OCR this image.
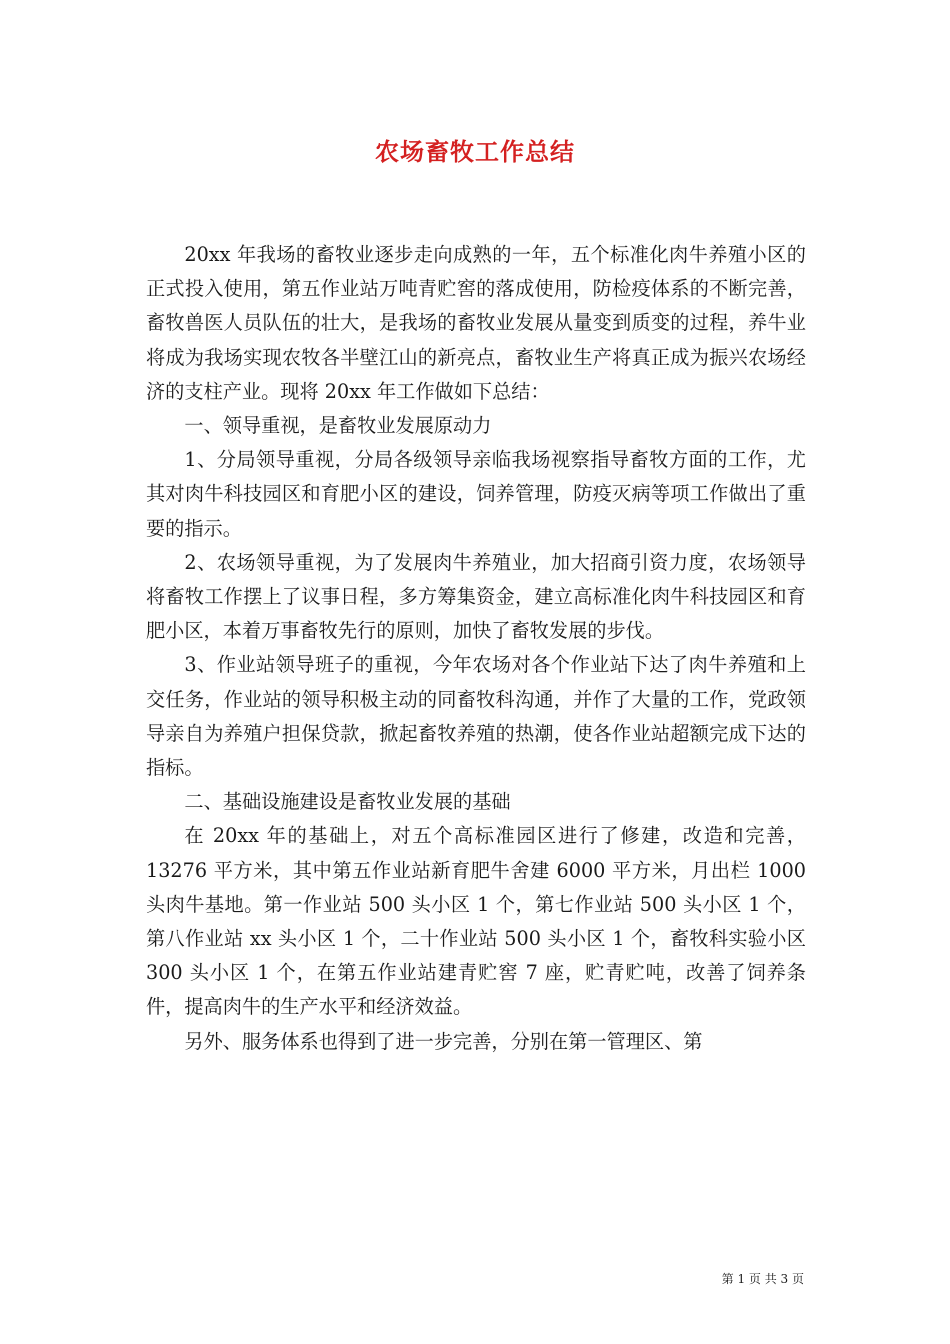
农场畜牧工作总结

20xx 年我场的畜牧业逐步走向成熟的一年，五个标准化肉牛养殖小区的正式投入使用，第五作业站万吨青贮窖的落成使用，防检疫体系的不断完善，畜牧兽医人员队伍的壮大，是我场的畜牧业发展从量变到质变的过程，养牛业将成为我场实现农牧各半壁江山的新亮点，畜牧业生产将真正成为振兴农场经济的支柱产业。现将 20xx 年工作做如下总结：

一、领导重视，是畜牧业发展原动力

1、分局领导重视，分局各级领导亲临我场视察指导畜牧方面的工作，尤其对肉牛科技园区和育肥小区的建设，饲养管理，防疫灭病等项工作做出了重要的指示。

2、农场领导重视，为了发展肉牛养殖业，加大招商引资力度，农场领导将畜牧工作摆上了议事日程，多方筹集资金，建立高标准化肉牛科技园区和育肥小区，本着万事畜牧先行的原则，加快了畜牧发展的步伐。

3、作业站领导班子的重视，今年农场对各个作业站下达了肉牛养殖和上交任务，作业站的领导积极主动的同畜牧科沟通，并作了大量的工作，党政领导亲自为养殖户担保贷款，掀起畜牧养殖的热潮，使各作业站超额完成下达的指标。

二、基础设施建设是畜牧业发展的基础

在 20xx 年的基础上，对五个高标准园区进行了修建，改造和完善，13276 平方米，其中第五作业站新育肥牛舍建 6000 平方米，月出栏 1000 头肉牛基地。第一作业站 500 头小区 1 个，第七作业站 500 头小区 1 个，第八作业站 xx 头小区 1 个，二十作业站 500 头小区 1 个，畜牧科实验小区 300 头小区 1 个，在第五作业站建青贮窖 7 座，贮青贮吨，改善了饲养条件，提高肉牛的生产水平和经济效益。

另外、服务体系也得到了进一步完善，分别在第一管理区、第

第 1 页 共 3 页
